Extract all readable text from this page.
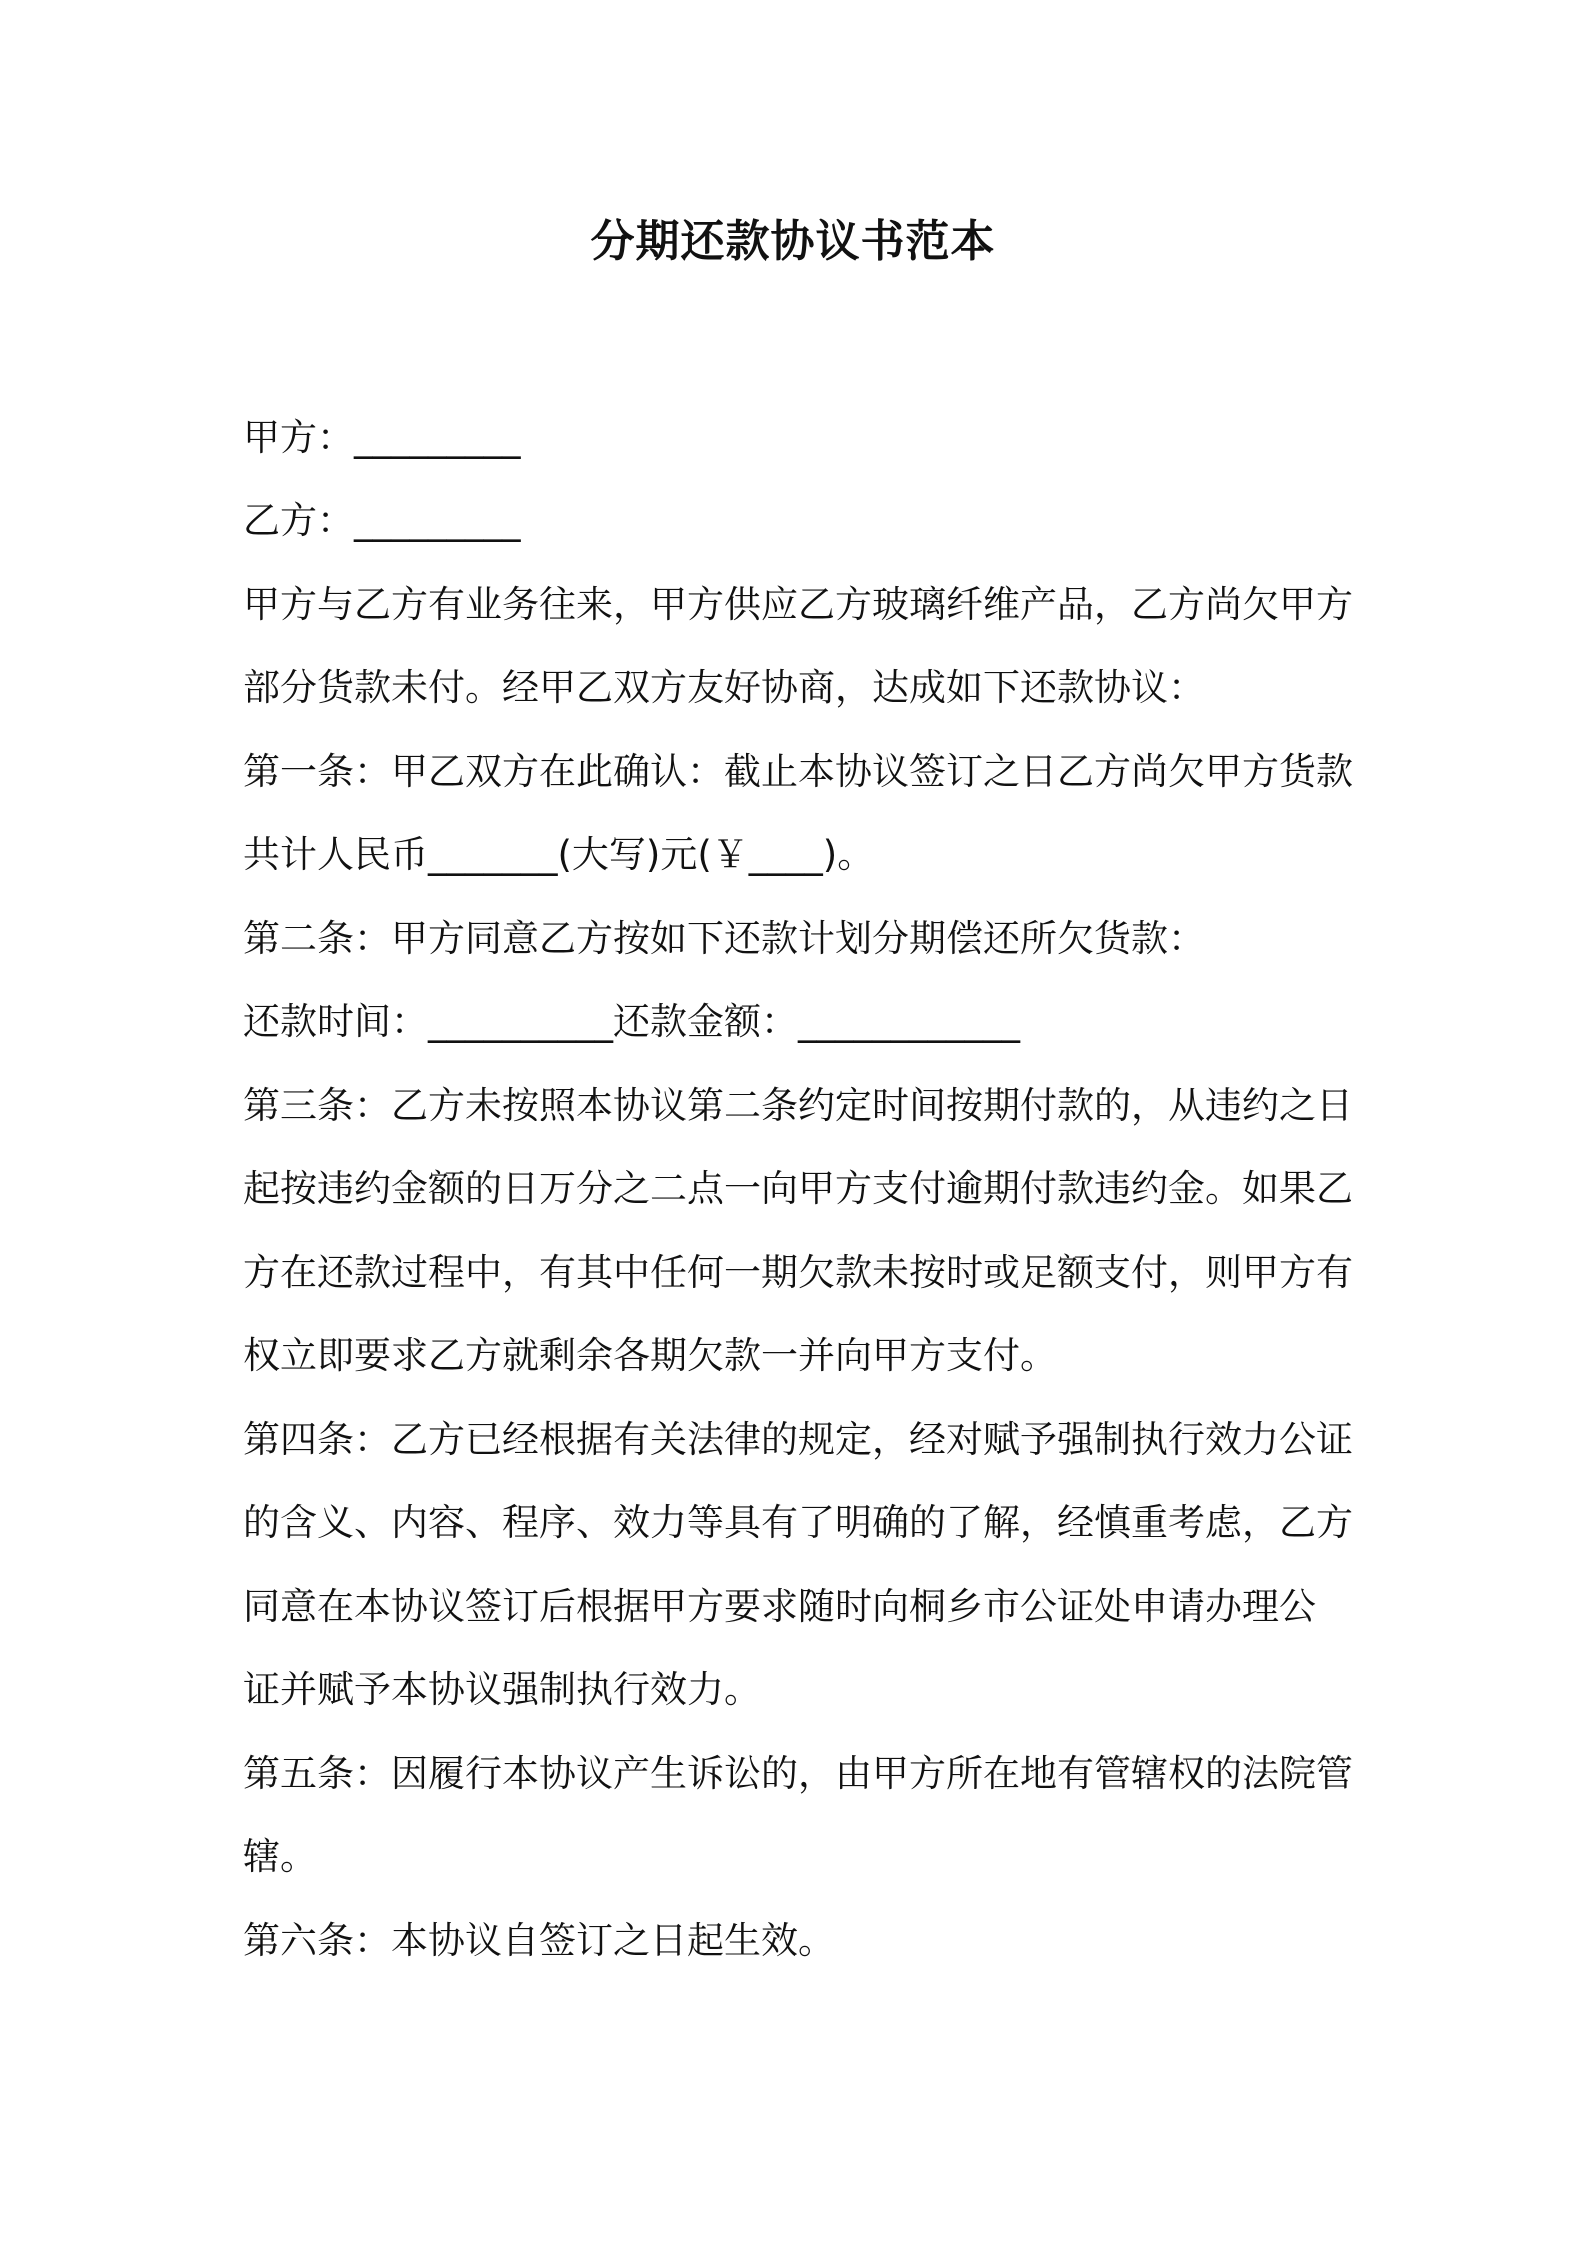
分期还款协议书范本

甲方：_________

乙方：_________

甲方与乙方有业务往来，甲方供应乙方玻璃纤维产品，乙方尚欠甲方

部分货款未付。经甲乙双方友好协商，达成如下还款协议：

第一条：甲乙双方在此确认：截止本协议签订之日乙方尚欠甲方货款

共计人民币_______(大写)元(￥____)。

第二条：甲方同意乙方按如下还款计划分期偿还所欠货款：

还款时间：__________还款金额：____________

第三条：乙方未按照本协议第二条约定时间按期付款的，从违约之日

起按违约金额的日万分之二点一向甲方支付逾期付款违约金。如果乙

方在还款过程中，有其中任何一期欠款未按时或足额支付，则甲方有

权立即要求乙方就剩余各期欠款一并向甲方支付。

第四条：乙方已经根据有关法律的规定，经对赋予强制执行效力公证

的含义、内容、程序、效力等具有了明确的了解，经慎重考虑，乙方

同意在本协议签订后根据甲方要求随时向桐乡市公证处申请办理公

证并赋予本协议强制执行效力。

第五条：因履行本协议产生诉讼的，由甲方所在地有管辖权的法院管

辖。

第六条：本协议自签订之日起生效。
